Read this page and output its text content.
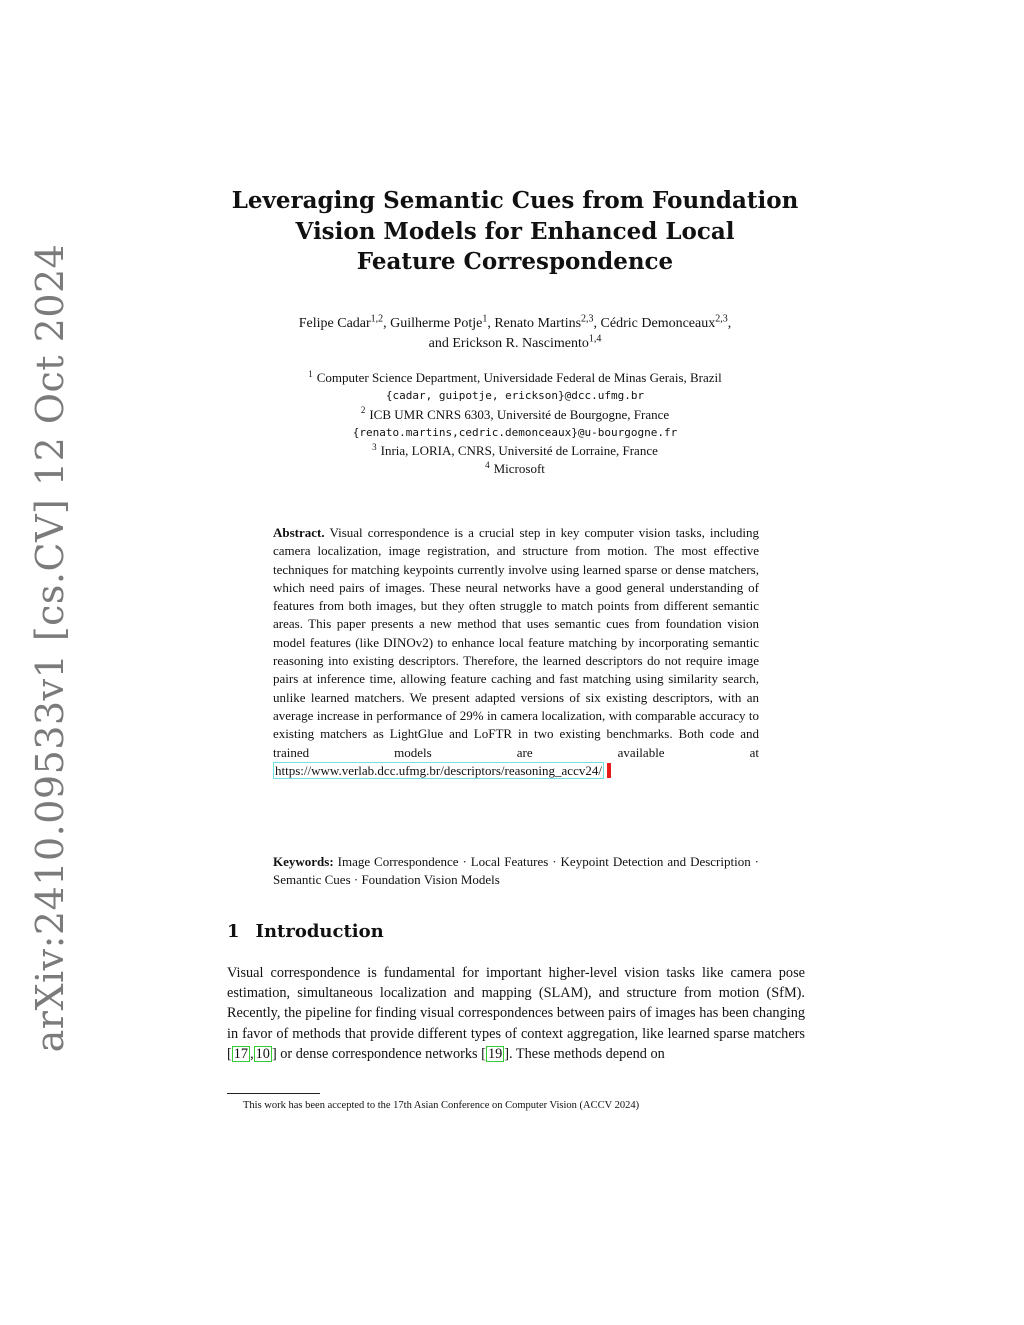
arXiv:2410.09533v1 [cs.CV] 12 Oct 2024
Leveraging Semantic Cues from Foundation
Vision Models for Enhanced Local
Feature Correspondence
Felipe Cadar$^{1,2}$, Guilherme Potje$^1$, Renato Martins$^{2,3}$, Cédric Demonceaux$^{2,3}$,
and Erickson R. Nascimento$^{1,4}$
$^1$ Computer Science Department, Universidade Federal de Minas Gerais, Brazil
{cadar, guipotje, erickson}@dcc.ufmg.br
$^2$ ICB UMR CNRS 6303, Université de Bourgogne, France
{renato.martins,cedric.demonceaux}@u-bourgogne.fr
$^3$ Inria, LORIA, CNRS, Université de Lorraine, France
$^4$ Microsoft
Abstract. Visual correspondence is a crucial step in key computer vision tasks, including camera localization, image registration, and structure from motion. The most effective techniques for matching keypoints currently involve using learned sparse or dense matchers, which need pairs of images. These neural networks have a good general understanding of features from both images, but they often struggle to match points from different semantic areas. This paper presents a new method that uses semantic cues from foundation vision model features (like DINOv2) to enhance local feature matching by incorporating semantic reasoning into existing descriptors. Therefore, the learned descriptors do not require image pairs at inference time, allowing feature caching and fast matching using similarity search, unlike learned matchers. We present adapted versions of six existing descriptors, with an average increase in performance of 29% in camera localization, with comparable accuracy to existing matchers as LightGlue and LoFTR in two existing benchmarks. Both code and trained models are available at https://www.verlab.dcc.ufmg.br/descriptors/reasoning_accv24/
Keywords: Image Correspondence · Local Features · Keypoint Detection and Description · Semantic Cues · Foundation Vision Models
1 Introduction
Visual correspondence is fundamental for important higher-level vision tasks like camera pose estimation, simultaneous localization and mapping (SLAM), and structure from motion (SfM). Recently, the pipeline for finding visual correspondences between pairs of images has been changing in favor of methods that provide different types of context aggregation, like learned sparse matchers [ 17 , 10 ] or dense correspondence networks [ 19 ]. These methods depend on
This work has been accepted to the 17th Asian Conference on Computer Vision (ACCV 2024)
